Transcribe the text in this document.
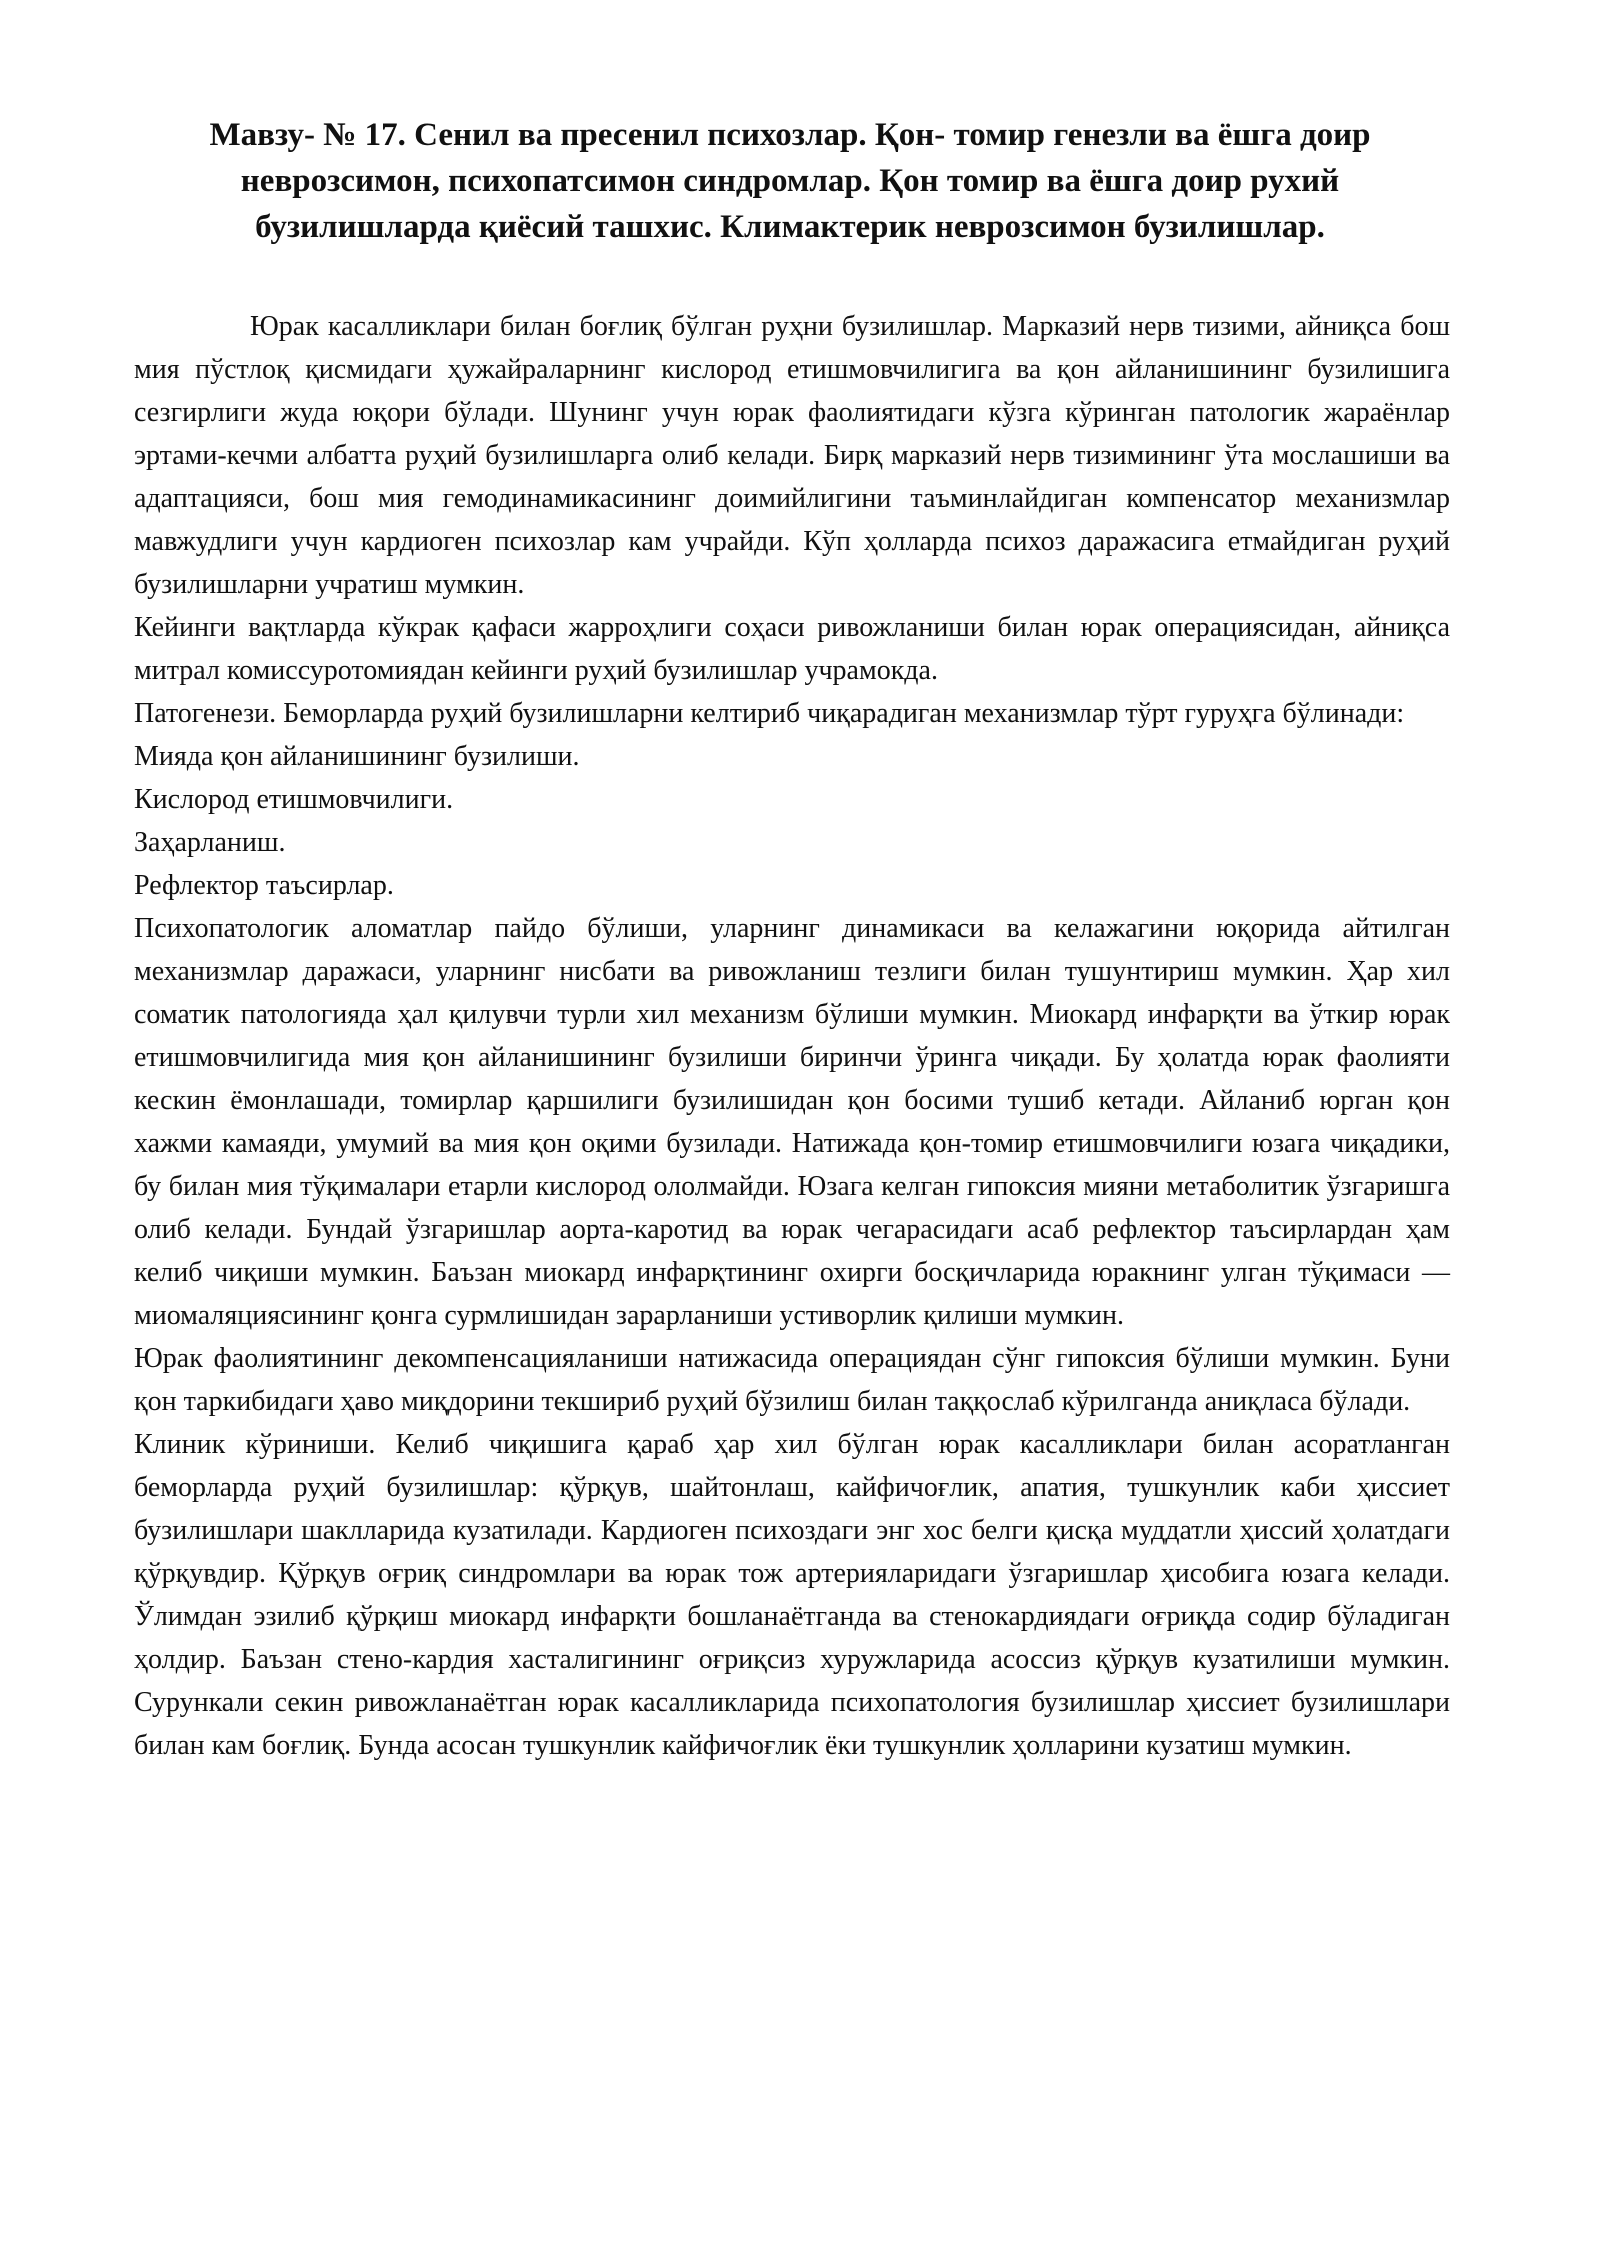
Мавзу- № 17. Сенил ва пресенил психозлар. Қон- томир генезли ва ёшга доир
неврозсимон, психопатсимон синдромлар. Қон томир ва ёшга доир рухий
бузилишларда қиёсий ташхис. Климактерик неврозсимон бузилишлар.

Юрак касалликлари билан боғлиқ бўлган руҳни бузилишлар. Марказий нерв тизими, айниқса бош мия пўстлоқ қисмидаги ҳужайраларнинг кислород етишмовчилигига ва қон айланишининг бузилишига сезгирлиги жуда юқори бўлади. Шунинг учун юрак фаолиятидаги кўзга кўринган патологик жараёнлар эртами-кечми албатта руҳий бузилишларга олиб келади. Бирқ марказий нерв тизимининг ўта мослашиши ва адаптацияси, бош мия гемодинамикасининг доимийлигини таъминлайдиган компенсатор механизмлар мавжудлиги учун кардиоген психозлар кам учрайди. Кўп ҳолларда психоз даражасига етмайдиган руҳий бузилишларни учратиш мумкин.

Кейинги вақтларда кўкрак қафаси жарроҳлиги соҳаси ривожланиши билан юрак операциясидан, айниқса митрал комиссуротомиядан кейинги руҳий бузилишлар учрамокда.

Патогенези. Беморларда руҳий бузилишларни келтириб чиқарадиган механизмлар тўрт гуруҳга бўлинади:

Мияда қон айланишининг бузилиши.

Кислород етишмовчилиги.

Заҳарланиш.

Рефлектор таъсирлар.

Психопатологик аломатлар пайдо бўлиши, уларнинг динамикаси ва келажагини юқорида айтилган механизмлар даражаси, уларнинг нисбати ва ривожланиш тезлиги билан тушунтириш мумкин. Ҳар хил соматик патологияда ҳал қилувчи турли хил механизм бўлиши мумкин. Миокард инфарқти ва ўткир юрак етишмовчилигида мия қон айланишининг бузилиши биринчи ўринга чиқади. Бу ҳолатда юрак фаолияти кескин ёмонлашади, томирлар қаршилиги бузилишидан қон босими тушиб кетади. Айланиб юрган қон хажми камаяди, умумий ва мия қон оқими бузилади. Натижада қон-томир етишмовчилиги юзага чиқадики, бу билан мия тўқималари етарли кислород ололмайди. Юзага келган гипоксия мияни метаболитик ўзгаришга олиб келади. Бундай ўзгаришлар аорта-каротид ва юрак чегарасидаги асаб рефлектор таъсирлардан ҳам келиб чиқиши мумкин. Баъзан миокард инфарқтининг охирги босқичларида юракнинг улган тўқимаси — миомаляциясининг қонга сурмлишидан зарарланиши устиворлик қилиши мумкин.

Юрак фаолиятининг декомпенсацияланиши натижасида операциядан сўнг гипоксия бўлиши мумкин. Буни қон таркибидаги ҳаво миқдорини текшириб руҳий бўзилиш билан таққослаб кўрилганда аниқласа бўлади.

Клиник кўриниши. Келиб чиқишига қараб ҳар хил бўлган юрак касалликлари билан асоратланган беморларда руҳий бузилишлар: қўрқув, шайтонлаш, кайфичоғлик, апатия, тушкунлик каби ҳиссиет бузилишлари шаклларида кузатилади. Кардиоген психоздаги энг хос белги қисқа муддатли ҳиссий ҳолатдаги қўрқувдир. Қўрқув оғриқ синдромлари ва юрак тож артерияларидаги ўзгаришлар ҳисобига юзага келади. Ўлимдан эзилиб қўрқиш миокард инфарқти бошланаётганда ва стенокардиядаги оғриқда содир бўладиган ҳолдир. Баъзан стено-кардия хасталигининг оғриқсиз хуружларида асоссиз қўрқув кузатилиши мумкин. Сурункали секин ривожланаётган юрак касалликларида психопатология бузилишлар ҳиссиет бузилишлари билан кам боғлиқ. Бунда асосан тушкунлик кайфичоғлик ёки тушкунлик ҳолларини кузатиш мумкин.
